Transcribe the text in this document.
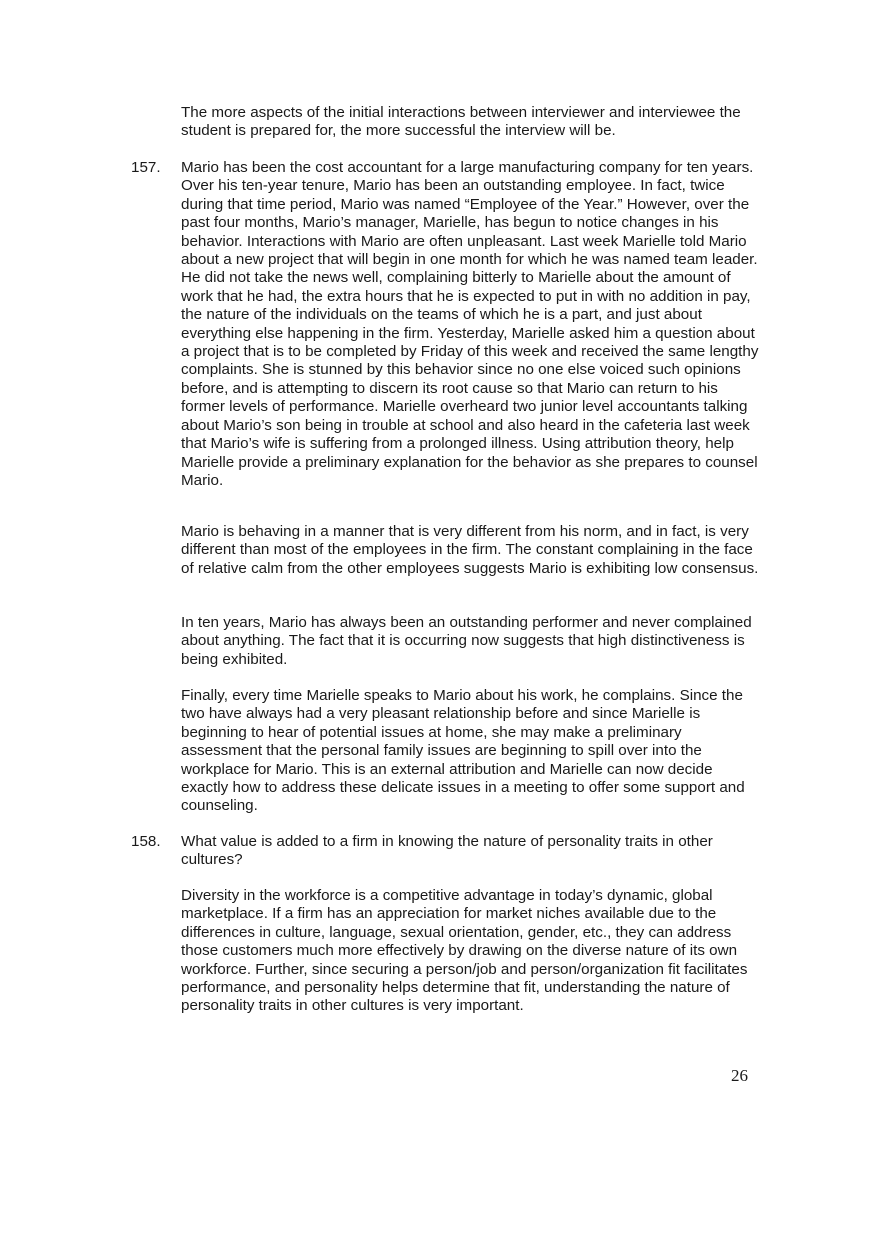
The more aspects of the initial interactions between interviewer and interviewee the student is prepared for, the more successful the interview will be.

157. Mario has been the cost accountant for a large manufacturing company for ten years. Over his ten-year tenure, Mario has been an outstanding employee. In fact, twice during that time period, Mario was named “Employee of the Year.” However, over the past four months, Mario’s manager, Marielle, has begun to notice changes in his behavior. Interactions with Mario are often unpleasant. Last week Marielle told Mario about a new project that will begin in one month for which he was named team leader. He did not take the news well, complaining bitterly to Marielle about the amount of work that he had, the extra hours that he is expected to put in with no addition in pay, the nature of the individuals on the teams of which he is a part, and just about everything else happening in the firm. Yesterday, Marielle asked him a question about a project that is to be completed by Friday of this week and received the same lengthy complaints. She is stunned by this behavior since no one else voiced such opinions before, and is attempting to discern its root cause so that Mario can return to his former levels of performance. Marielle overheard two junior level accountants talking about Mario’s son being in trouble at school and also heard in the cafeteria last week that Mario’s wife is suffering from a prolonged illness. Using attribution theory, help Marielle provide a preliminary explanation for the behavior as she prepares to counsel Mario.

Mario is behaving in a manner that is very different from his norm, and in fact, is very different than most of the employees in the firm. The constant complaining in the face of relative calm from the other employees suggests Mario is exhibiting low consensus.

In ten years, Mario has always been an outstanding performer and never complained about anything. The fact that it is occurring now suggests that high distinctiveness is being exhibited.

Finally, every time Marielle speaks to Mario about his work, he complains. Since the two have always had a very pleasant relationship before and since Marielle is beginning to hear of potential issues at home, she may make a preliminary assessment that the personal family issues are beginning to spill over into the workplace for Mario. This is an external attribution and Marielle can now decide exactly how to address these delicate issues in a meeting to offer some support and counseling.

158. What value is added to a firm in knowing the nature of personality traits in other cultures?

Diversity in the workforce is a competitive advantage in today’s dynamic, global marketplace. If a firm has an appreciation for market niches available due to the differences in culture, language, sexual orientation, gender, etc., they can address those customers much more effectively by drawing on the diverse nature of its own workforce. Further, since securing a person/job and person/organization fit facilitates performance, and personality helps determine that fit, understanding the nature of personality traits in other cultures is very important.

26
